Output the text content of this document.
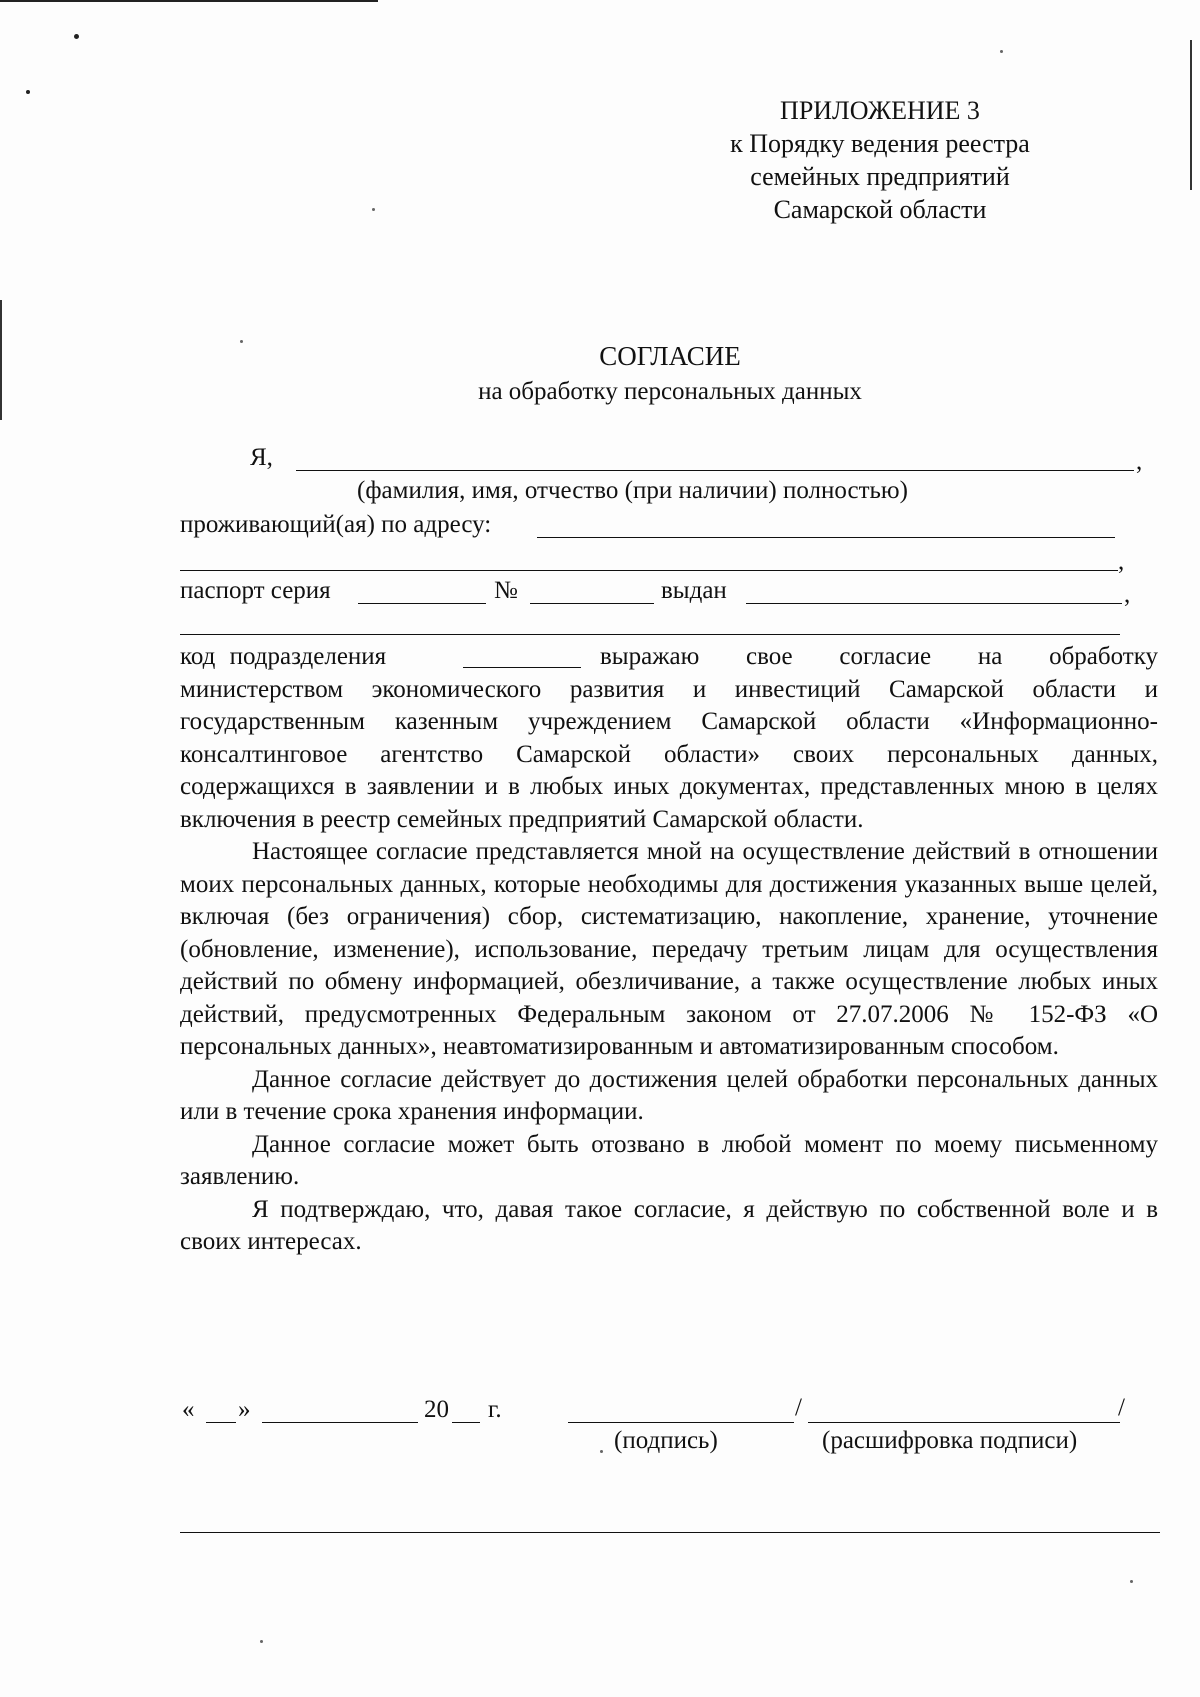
ПРИЛОЖЕНИЕ 3
к Порядку ведения реестра
семейных предприятий
Самарской области
СОГЛАСИЕ
на обработку персональных данных
Я,	,
(фамилия, имя, отчество (при наличии) полностью)
проживающий(ая) по адресу:
,
паспорт серия	№	выдан	,
код подразделения	выражаю свое согласие на обработку министерством экономического развития и инвестиций Самарской области и государственным казенным учреждением Самарской области «Информационно-консалтинговое агентство Самарской области» своих персональных данных, содержащихся в заявлении и в любых иных документах, представленных мною в целях включения в реестр семейных предприятий Самарской области.

Настоящее согласие представляется мной на осуществление действий в отношении моих персональных данных, которые необходимы для достижения указанных выше целей, включая (без ограничения) сбор, систематизацию, накопление, хранение, уточнение (обновление, изменение), использование, передачу третьим лицам для осуществления действий по обмену информацией, обезличивание, а также осуществление любых иных действий, предусмотренных Федеральным законом от 27.07.2006 № 152-ФЗ «О персональных данных», неавтоматизированным и автоматизированным способом.

Данное согласие действует до достижения целей обработки персональных данных или в течение срока хранения информации.

Данное согласие может быть отозвано в любой момент по моему письменному заявлению.

Я подтверждаю, что, давая такое согласие, я действую по собственной воле и в своих интересах.

« »	20 г.	/	/
(подпись)	(расшифровка подписи)
